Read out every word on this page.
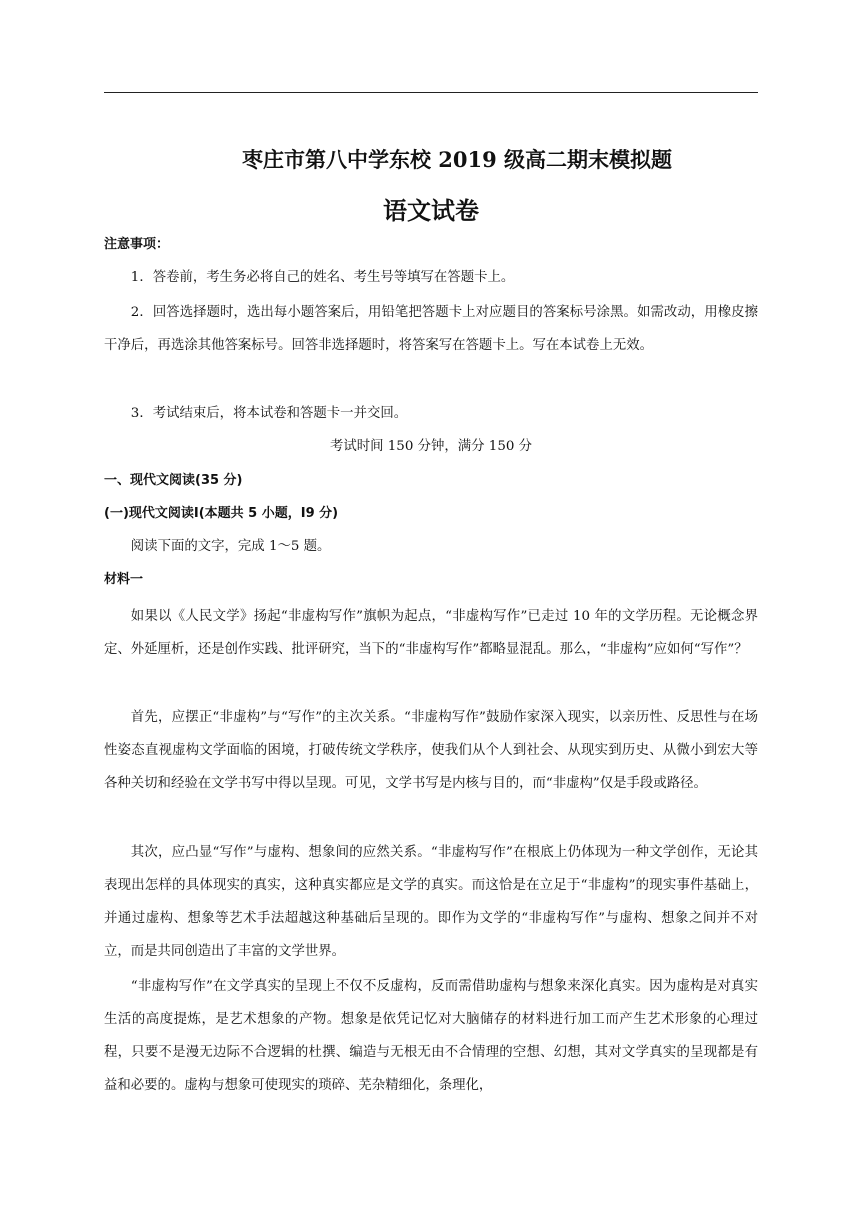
枣庄市第八中学东校 2019 级高二期末模拟题
语文试卷
注意事项：

1．答卷前，考生务必将自己的姓名、考生号等填写在答题卡上。

2．回答选择题时，选出每小题答案后，用铅笔把答题卡上对应题目的答案标号涂黑。如需改动，用橡皮擦干净后，再选涂其他答案标号。回答非选择题时，将答案写在答题卡上。写在本试卷上无效。

3．考试结束后，将本试卷和答题卡一并交回。

考试时间 150 分钟，满分 150 分
一、现代文阅读(35 分)
(一)现代文阅读Ⅰ(本题共 5 小题，I9 分)

阅读下面的文字，完成 1～5 题。

材料一

如果以《人民文学》扬起“非虚构写作”旗帜为起点，“非虚构写作”已走过 10 年的文学历程。无论概念界定、外延厘析，还是创作实践、批评研究，当下的“非虚构写作”都略显混乱。那么，“非虚构”应如何“写作”？

首先，应摆正“非虚构”与“写作”的主次关系。“非虚构写作”鼓励作家深入现实，以亲历性、反思性与在场性姿态直视虚构文学面临的困境，打破传统文学秩序，使我们从个人到社会、从现实到历史、从微小到宏大等各种关切和经验在文学书写中得以呈现。可见，文学书写是内核与目的，而“非虚构”仅是手段或路径。

其次，应凸显“写作”与虚构、想象间的应然关系。“非虚构写作”在根底上仍体现为一种文学创作，无论其表现出怎样的具体现实的真实，这种真实都应是文学的真实。而这恰是在立足于“非虚构”的现实事件基础上，并通过虚构、想象等艺术手法超越这种基础后呈现的。即作为文学的“非虚构写作”与虚构、想象之间并不对立，而是共同创造出了丰富的文学世界。

“非虚构写作”在文学真实的呈现上不仅不反虚构，反而需借助虚构与想象来深化真实。因为虚构是对真实生活的高度提炼，是艺术想象的产物。想象是依凭记忆对大脑储存的材料进行加工而产生艺术形象的心理过程，只要不是漫无边际不合逻辑的杜撰、编造与无根无由不合情理的空想、幻想，其对文学真实的呈现都是有益和必要的。虚构与想象可使现实的琐碎、芜杂精细化，条理化，
